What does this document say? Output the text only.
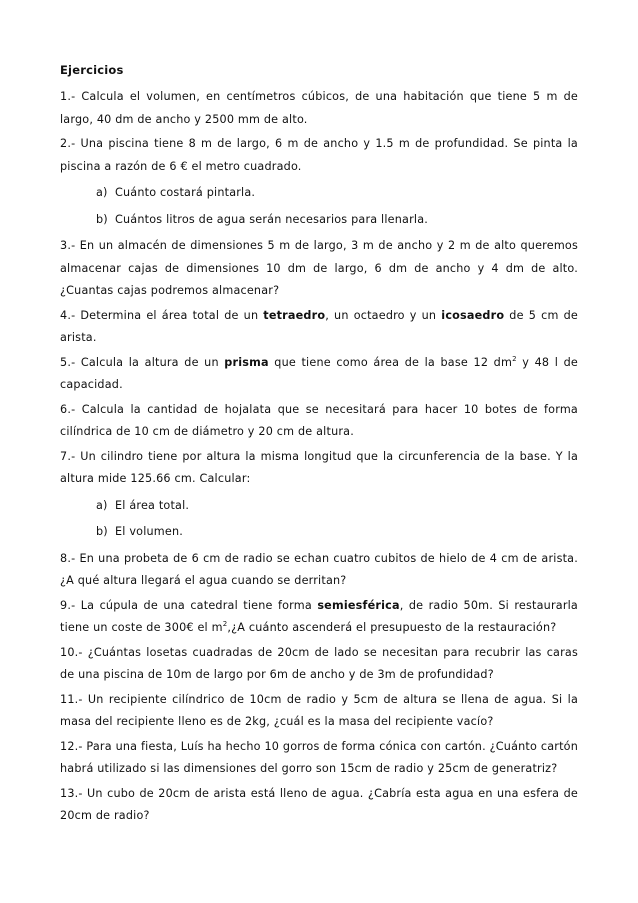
Ejercicios

1.- Calcula el volumen, en centímetros cúbicos, de una habitación que tiene 5 m de largo, 40 dm de ancho y 2500 mm de alto.

2.- Una piscina tiene 8 m de largo, 6 m de ancho y 1.5 m de profundidad. Se pinta la piscina a razón de 6 € el metro cuadrado.

a) Cuánto costará pintarla.
b) Cuántos litros de agua serán necesarios para llenarla.

3.- En un almacén de dimensiones 5 m de largo, 3 m de ancho y 2 m de alto queremos almacenar cajas de dimensiones 10 dm de largo, 6 dm de ancho y 4 dm de alto. ¿Cuantas cajas podremos almacenar?

4.- Determina el área total de un tetraedro, un octaedro y un icosaedro de 5 cm de arista.

5.- Calcula la altura de un prisma que tiene como área de la base 12 $dm^2$ y 48 l de capacidad.

6.- Calcula la cantidad de hojalata que se necesitará para hacer 10 botes de forma cilíndrica de 10 cm de diámetro y 20 cm de altura.

7.- Un cilindro tiene por altura la misma longitud que la circunferencia de la base. Y la altura mide 125.66 cm. Calcular:

a) El área total.
b) El volumen.

8.- En una probeta de 6 cm de radio se echan cuatro cubitos de hielo de 4 cm de arista. ¿A qué altura llegará el agua cuando se derritan?

9.- La cúpula de una catedral tiene forma semiesférica, de radio 50m. Si restaurarla tiene un coste de 300€ el $m^2,¿A$ cuánto ascenderá el presupuesto de la restauración?

10.- ¿Cuántas losetas cuadradas de 20cm de lado se necesitan para recubrir las caras de una piscina de 10m de largo por 6m de ancho y de 3m de profundidad?

11.- Un recipiente cilíndrico de 10cm de radio y 5cm de altura se llena de agua. Si la masa del recipiente lleno es de 2kg, ¿cuál es la masa del recipiente vacío?

12.- Para una fiesta, Luís ha hecho 10 gorros de forma cónica con cartón. ¿Cuánto cartón habrá utilizado si las dimensiones del gorro son 15cm de radio y 25cm de generatriz?

13.- Un cubo de 20cm de arista está lleno de agua. ¿Cabría esta agua en una esfera de 20cm de radio?
